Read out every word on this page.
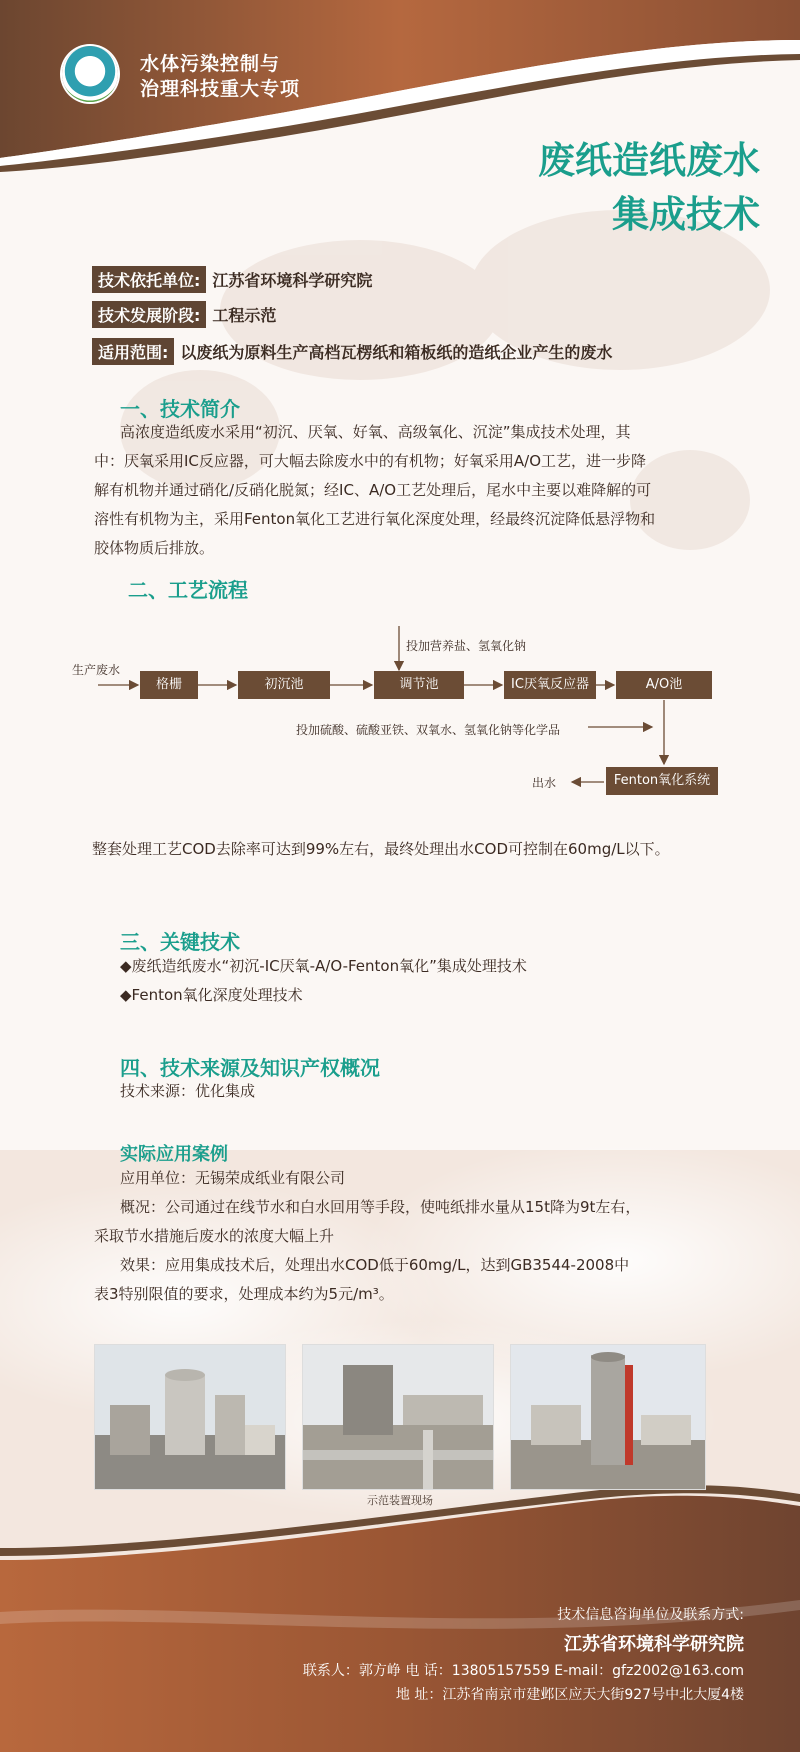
水体污染控制与
治理科技重大专项
废纸造纸废水
集成技术
技术依托单位: 江苏省环境科学研究院
技术发展阶段: 工程示范
适用范围: 以废纸为原料生产高档瓦楞纸和箱板纸的造纸企业产生的废水
一、技术简介
高浓度造纸废水采用“初沉、厌氧、好氧、高级氧化、沉淀”集成技术处理，其
中：厌氧采用IC反应器，可大幅去除废水中的有机物；好氧采用A/O工艺，进一步降
解有机物并通过硝化/反硝化脱氮；经IC、A/O工艺处理后，尾水中主要以难降解的可
溶性有机物为主，采用Fenton氧化工艺进行氧化深度处理，经最终沉淀降低悬浮物和
胶体物质后排放。
二、工艺流程
生产废水
投加营养盐、氢氧化钠
投加硫酸、硫酸亚铁、双氧水、氢氧化钠等化学品
出水
格栅	初沉池	调节池	IC厌氧反应器	A/O池
Fenton氧化系统
整套处理工艺COD去除率可达到99%左右，最终处理出水COD可控制在60mg/L以下。
三、关键技术
◆废纸造纸废水“初沉-IC厌氧-A/O-Fenton氧化”集成处理技术
◆Fenton氧化深度处理技术
四、技术来源及知识产权概况
技术来源：优化集成
实际应用案例
应用单位：无锡荣成纸业有限公司
概况：公司通过在线节水和白水回用等手段，使吨纸排水量从15t降为9t左右，
采取节水措施后废水的浓度大幅上升
效果：应用集成技术后，处理出水COD低于60mg/L，达到GB3544-2008中
表3特别限值的要求，处理成本约为5元/m³。
示范装置现场
技术信息咨询单位及联系方式:
江苏省环境科学研究院
联系人：郭方峥 电 话：13805157559 E-mail：gfz2002@163.com
地 址：江苏省南京市建邺区应天大街927号中北大厦4楼
